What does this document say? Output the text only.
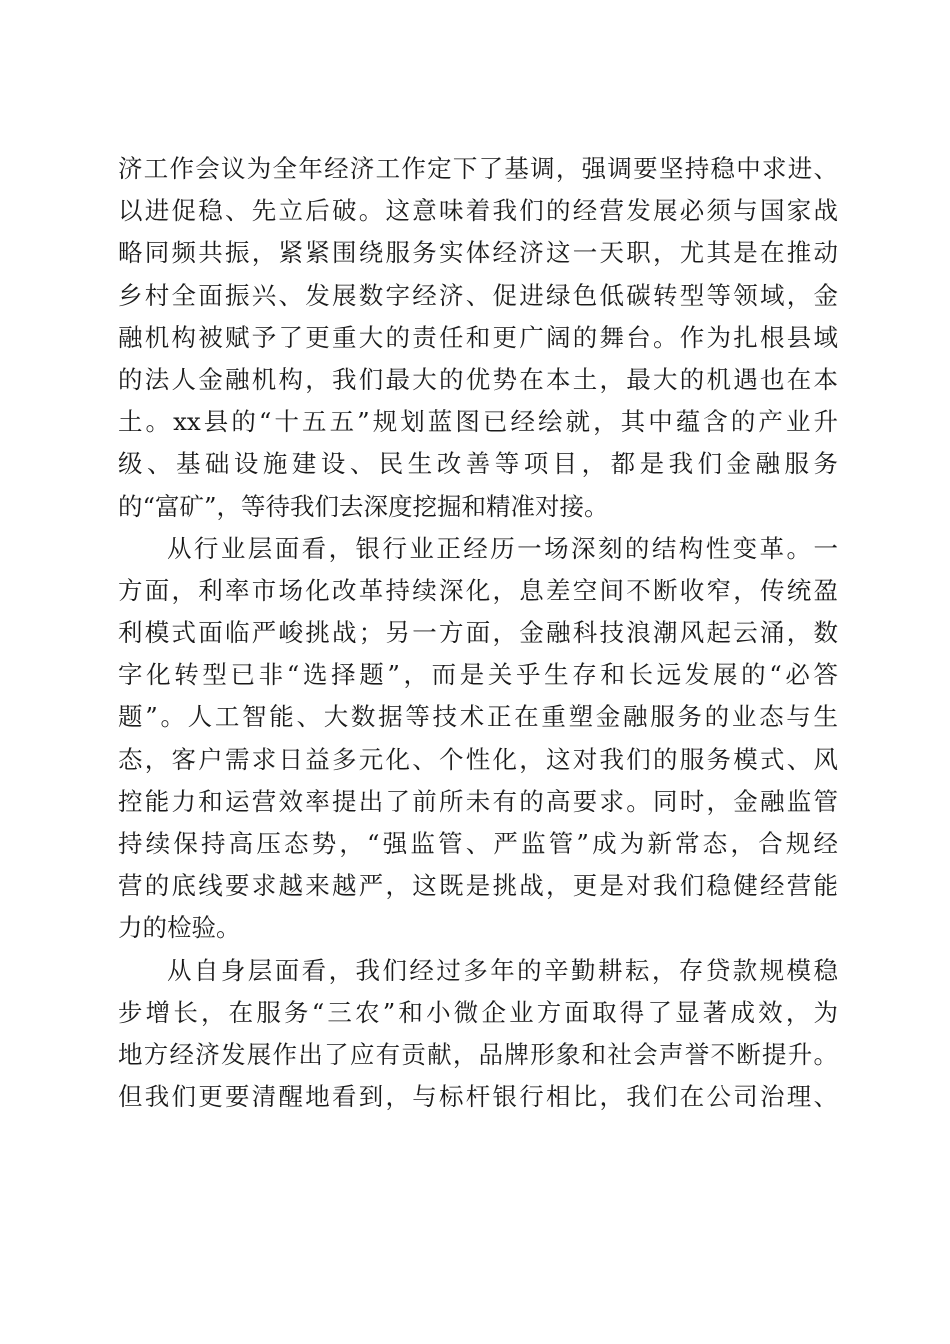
济工作会议为全年经济工作定下了基调，强调要坚持稳中求进、
以进促稳、先立后破。这意味着我们的经营发展必须与国家战
略同频共振，紧紧围绕服务实体经济这一天职，尤其是在推动
乡村全面振兴、发展数字经济、促进绿色低碳转型等领域，金
融机构被赋予了更重大的责任和更广阔的舞台。作为扎根县域
的法人金融机构，我们最大的优势在本土，最大的机遇也在本
土。xx县的“十五五”规划蓝图已经绘就，其中蕴含的产业升
级、基础设施建设、民生改善等项目，都是我们金融服务
的“富矿”，等待我们去深度挖掘和精准对接。
从行业层面看，银行业正经历一场深刻的结构性变革。一
方面，利率市场化改革持续深化，息差空间不断收窄，传统盈
利模式面临严峻挑战；另一方面，金融科技浪潮风起云涌，数
字化转型已非“选择题”，而是关乎生存和长远发展的“必答
题”。人工智能、大数据等技术正在重塑金融服务的业态与生
态，客户需求日益多元化、个性化，这对我们的服务模式、风
控能力和运营效率提出了前所未有的高要求。同时，金融监管
持续保持高压态势，“强监管、严监管”成为新常态，合规经
营的底线要求越来越严，这既是挑战，更是对我们稳健经营能
力的检验。
从自身层面看，我们经过多年的辛勤耕耘，存贷款规模稳
步增长，在服务“三农”和小微企业方面取得了显著成效，为
地方经济发展作出了应有贡献，品牌形象和社会声誉不断提升。
但我们更要清醒地看到，与标杆银行相比，我们在公司治理、
